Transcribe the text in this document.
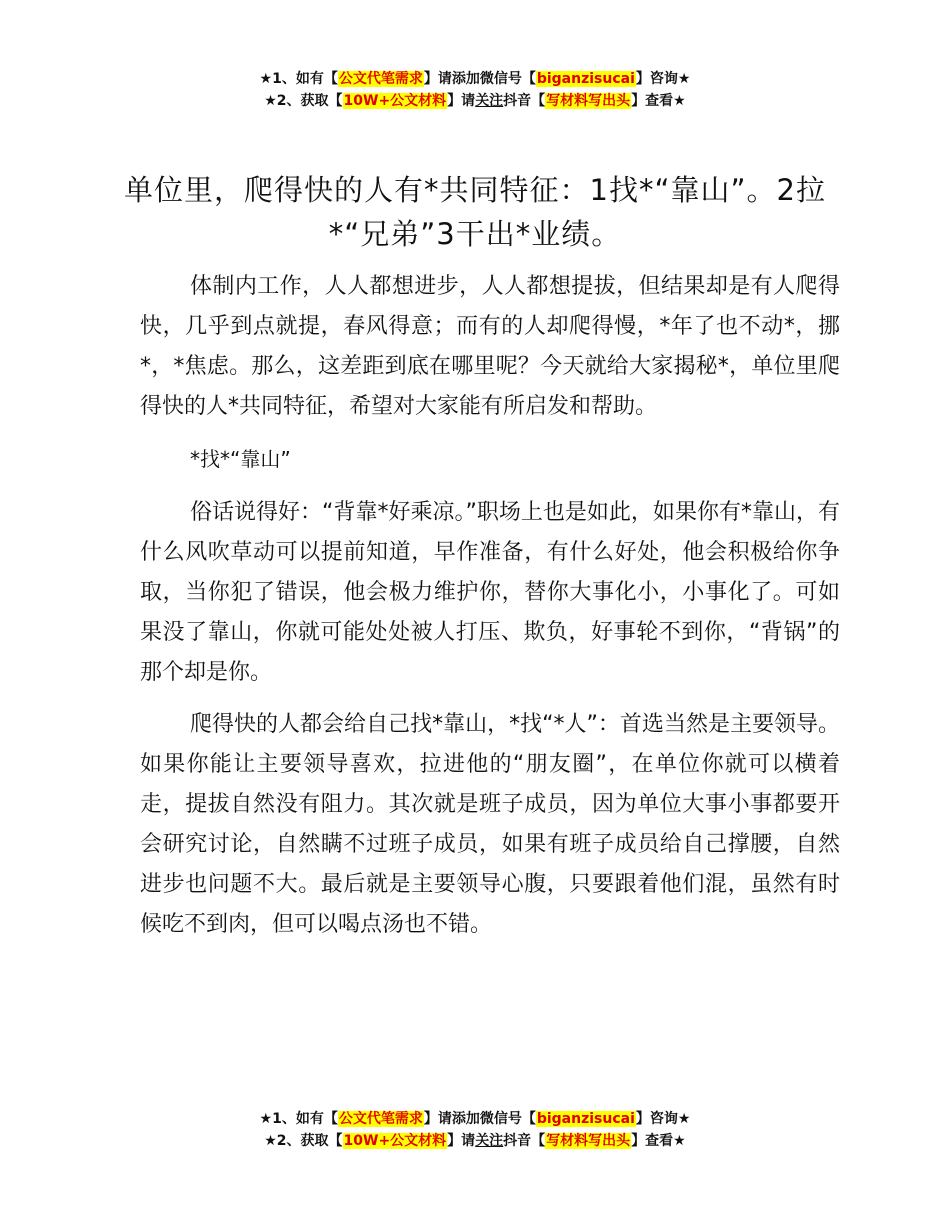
★1、如有【公文代笔需求】请添加微信号【biganzisucai】咨询★
★2、获取【10W+公文材料】请关注抖音【写材料写出头】查看★
单位里，爬得快的人有*共同特征：1找*“靠山”。2拉*“兄弟”3干出*业绩。

体制内工作，人人都想进步，人人都想提拔，但结果却是有人爬得快，几乎到点就提，春风得意；而有的人却爬得慢，*年了也不动*，挪*，*焦虑。那么，这差距到底在哪里呢？今天就给大家揭秘*，单位里爬得快的人*共同特征，希望对大家能有所启发和帮助。

*找*“靠山”

俗话说得好：“背靠*好乘凉。”职场上也是如此，如果你有*靠山，有什么风吹草动可以提前知道，早作准备，有什么好处，他会积极给你争取，当你犯了错误，他会极力维护你，替你大事化小，小事化了。可如果没了靠山，你就可能处处被人打压、欺负，好事轮不到你，“背锅”的那个却是你。

爬得快的人都会给自己找*靠山，*找“*人”：首选当然是主要领导。如果你能让主要领导喜欢，拉进他的“朋友圈”，在单位你就可以横着走，提拔自然没有阻力。其次就是班子成员，因为单位大事小事都要开会研究讨论，自然瞒不过班子成员，如果有班子成员给自己撑腰，自然进步也问题不大。最后就是主要领导心腹，只要跟着他们混，虽然有时候吃不到肉，但可以喝点汤也不错。

★1、如有【公文代笔需求】请添加微信号【biganzisucai】咨询★
★2、获取【10W+公文材料】请关注抖音【写材料写出头】查看★
